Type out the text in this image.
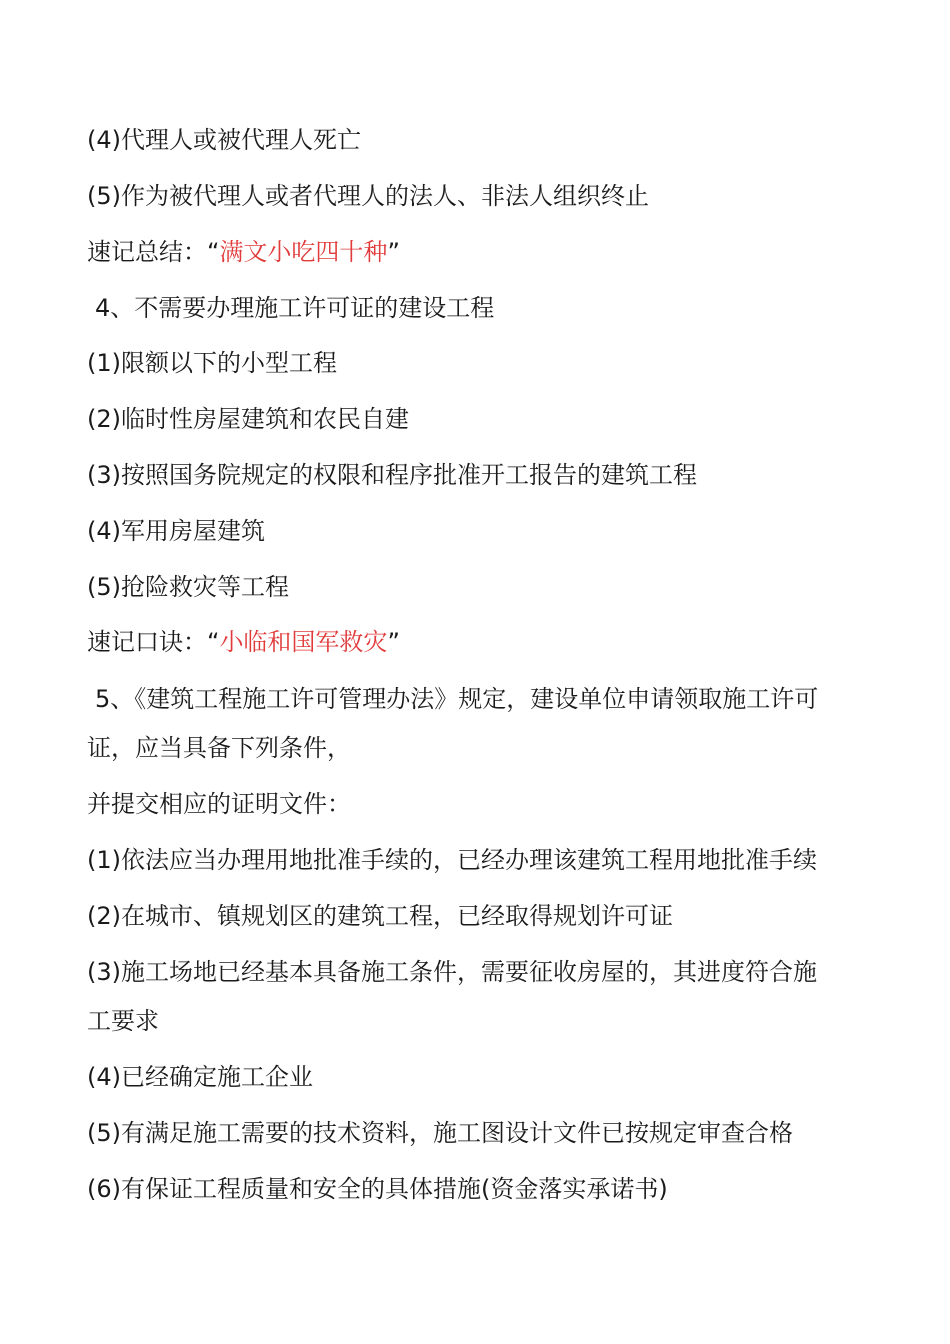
(4)代理人或被代理人死亡
(5)作为被代理人或者代理人的法人、非法人组织终止
速记总结：“满文小吃四十种”
4、不需要办理施工许可证的建设工程
(1)限额以下的小型工程
(2)临时性房屋建筑和农民自建
(3)按照国务院规定的权限和程序批准开工报告的建筑工程
(4)军用房屋建筑
(5)抢险救灾等工程
速记口诀：“小临和国军救灾”
5、《建筑工程施工许可管理办法》规定，建设单位申请领取施工许可
证，应当具备下列条件，
并提交相应的证明文件：
(1)依法应当办理用地批准手续的，已经办理该建筑工程用地批准手续
(2)在城市、镇规划区的建筑工程，已经取得规划许可证
(3)施工场地已经基本具备施工条件，需要征收房屋的，其进度符合施
工要求
(4)已经确定施工企业
(5)有满足施工需要的技术资料，施工图设计文件已按规定审查合格
(6)有保证工程质量和安全的具体措施(资金落实承诺书)
